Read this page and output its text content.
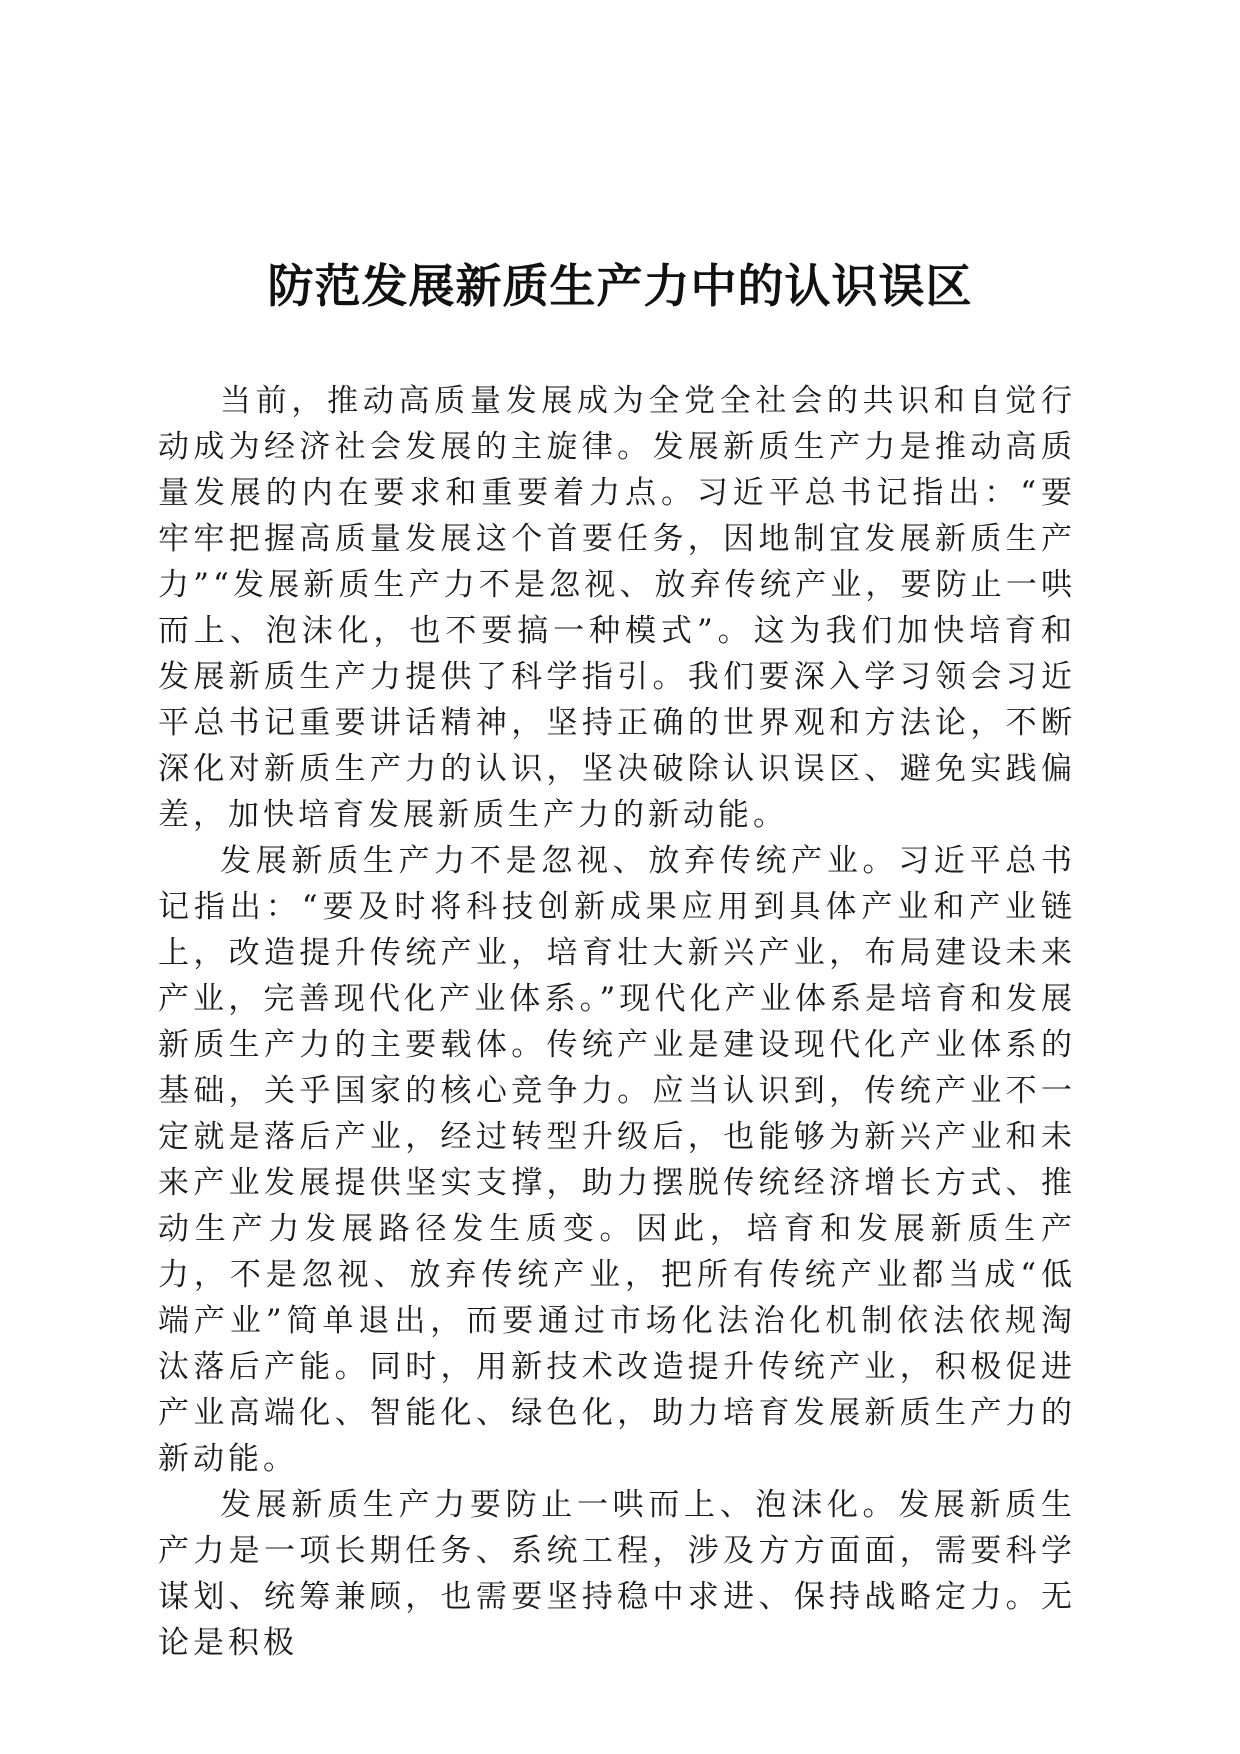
防范发展新质生产力中的认识误区

当前，推动高质量发展成为全党全社会的共识和自觉行动成为经济社会发展的主旋律。发展新质生产力是推动高质量发展的内在要求和重要着力点。习近平总书记指出：“要牢牢把握高质量发展这个首要任务，因地制宜发展新质生产力”“发展新质生产力不是忽视、放弃传统产业，要防止一哄而上、泡沫化，也不要搞一种模式”。这为我们加快培育和发展新质生产力提供了科学指引。我们要深入学习领会习近平总书记重要讲话精神，坚持正确的世界观和方法论，不断深化对新质生产力的认识，坚决破除认识误区、避免实践偏差，加快培育发展新质生产力的新动能。

发展新质生产力不是忽视、放弃传统产业。习近平总书记指出：“要及时将科技创新成果应用到具体产业和产业链上，改造提升传统产业，培育壮大新兴产业，布局建设未来产业，完善现代化产业体系。”现代化产业体系是培育和发展新质生产力的主要载体。传统产业是建设现代化产业体系的基础，关乎国家的核心竞争力。应当认识到，传统产业不一定就是落后产业，经过转型升级后，也能够为新兴产业和未来产业发展提供坚实支撑，助力摆脱传统经济增长方式、推动生产力发展路径发生质变。因此，培育和发展新质生产力，不是忽视、放弃传统产业，把所有传统产业都当成“低端产业”简单退出，而要通过市场化法治化机制依法依规淘汰落后产能。同时，用新技术改造提升传统产业，积极促进产业高端化、智能化、绿色化，助力培育发展新质生产力的新动能。

发展新质生产力要防止一哄而上、泡沫化。发展新质生产力是一项长期任务、系统工程，涉及方方面面，需要科学谋划、统筹兼顾，也需要坚持稳中求进、保持战略定力。无论是积极
